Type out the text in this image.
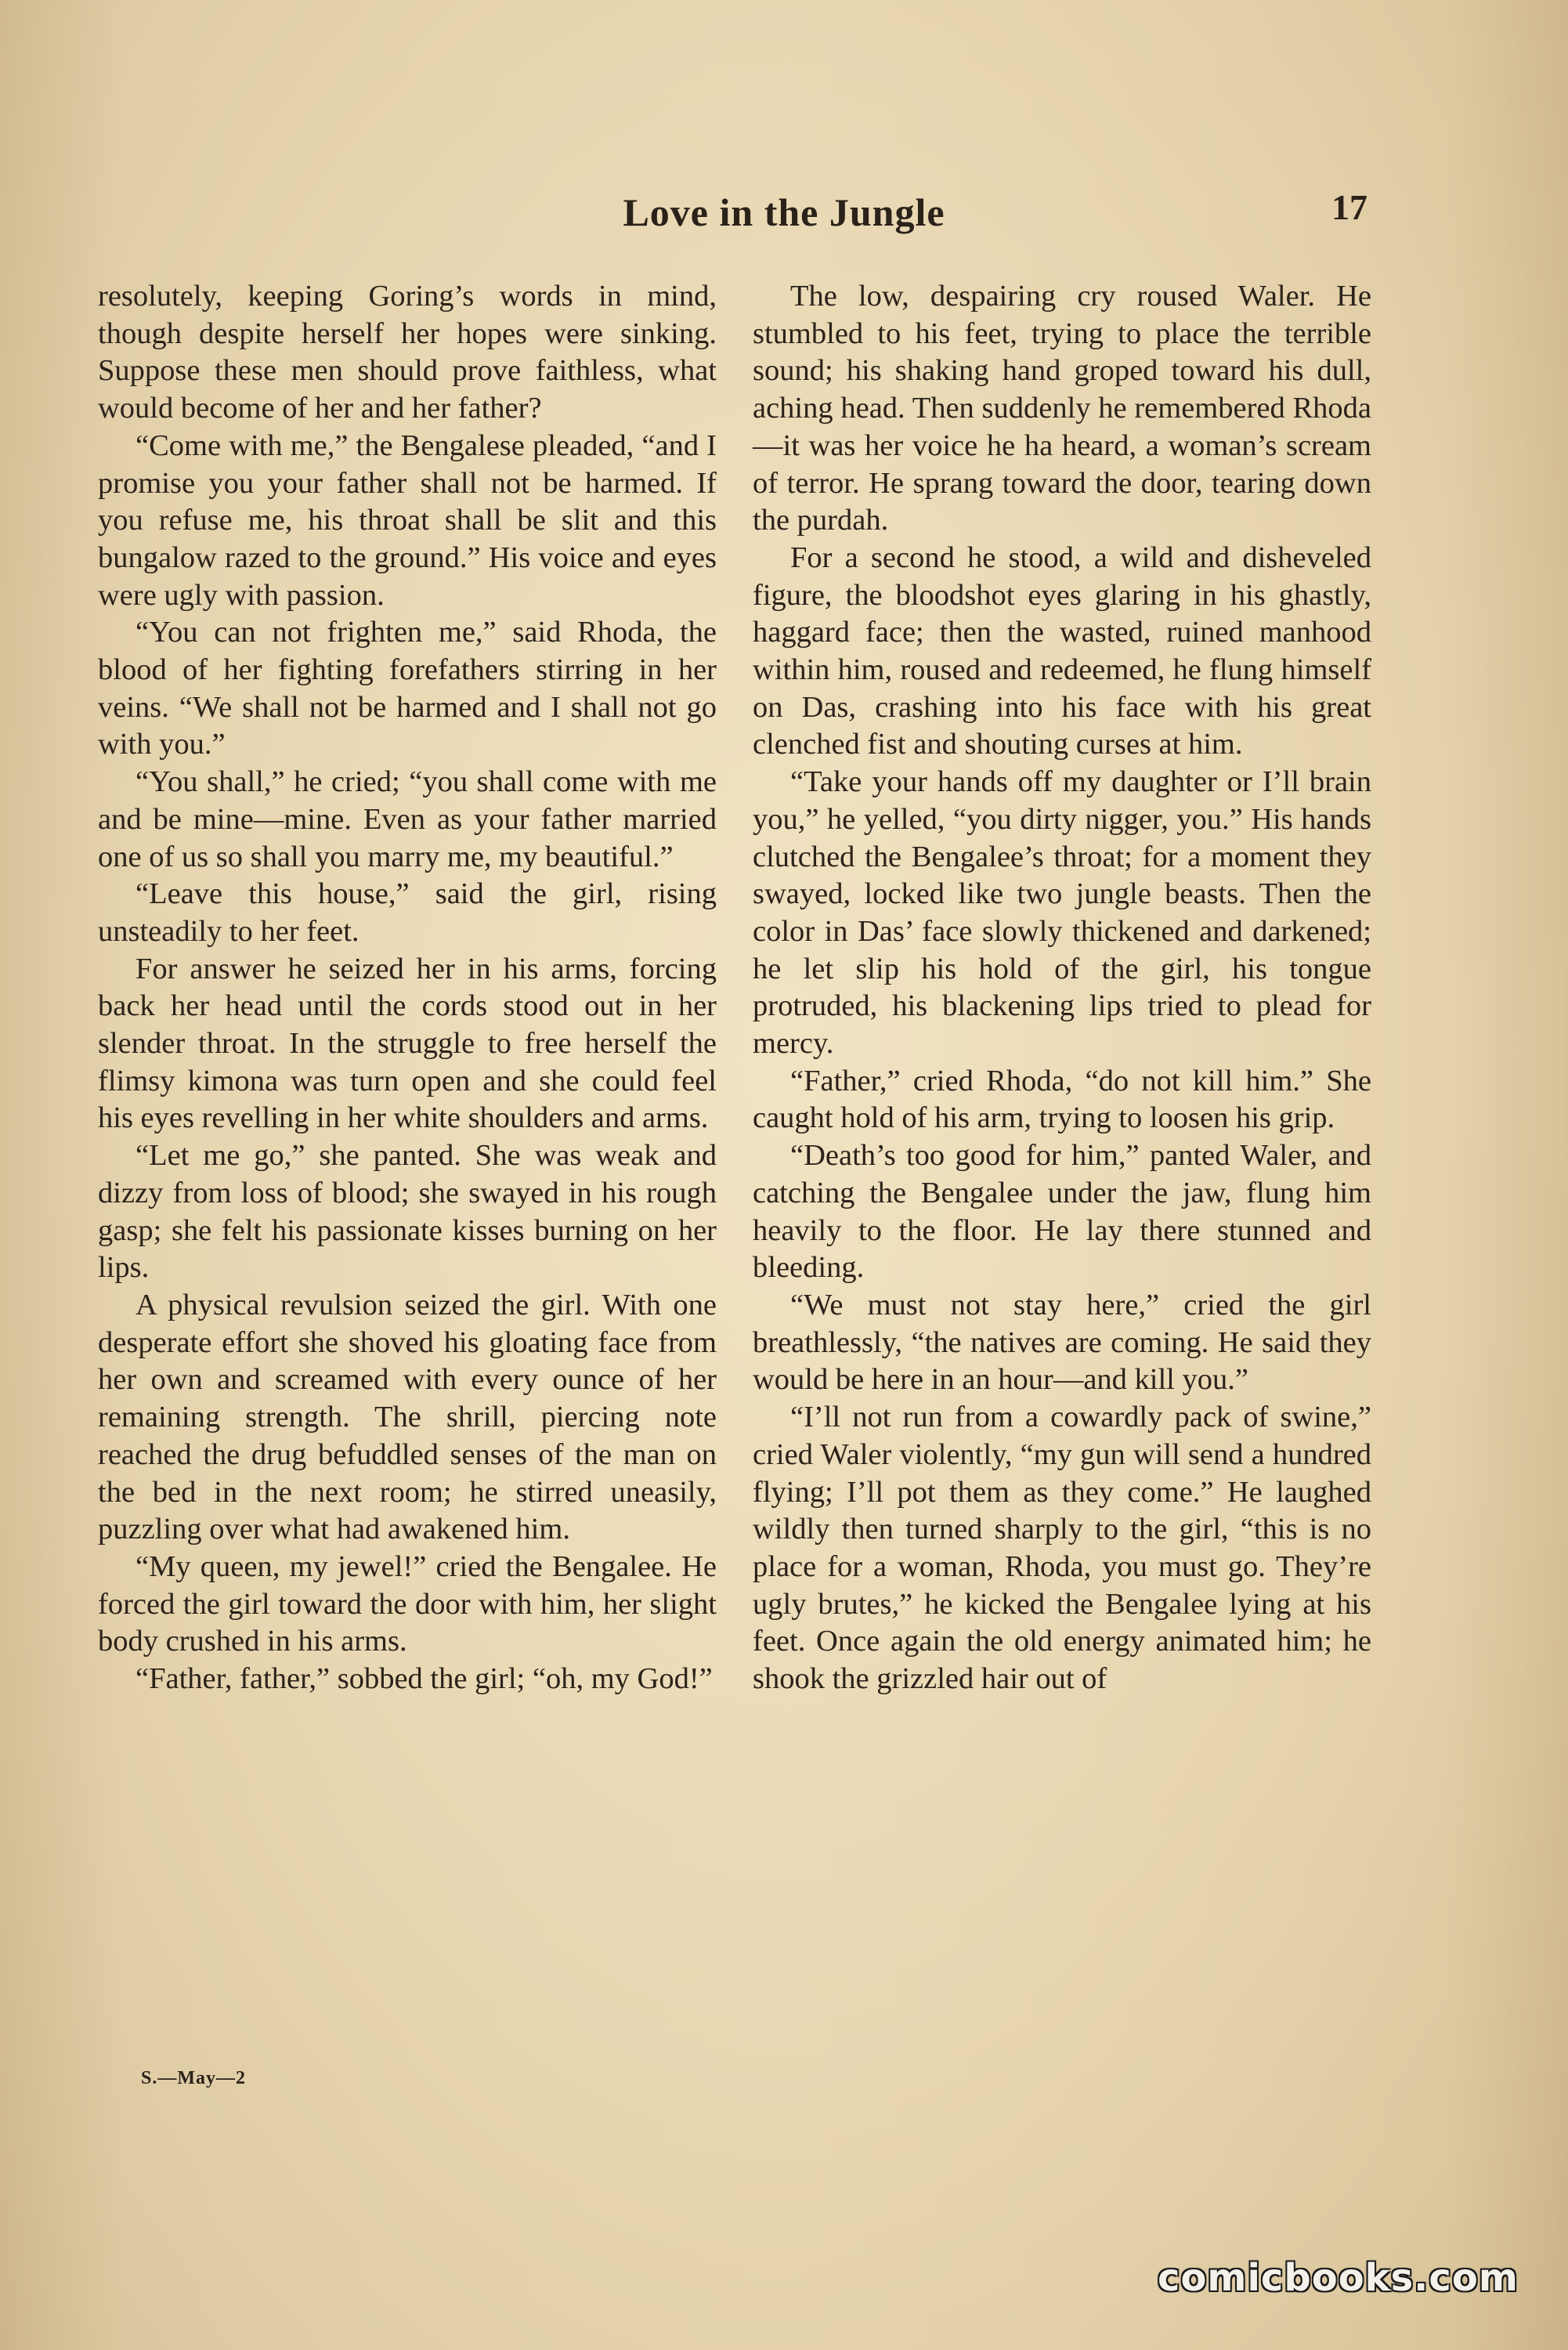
Love in the Jungle	17

resolutely, keeping Goring’s words in mind, though despite herself her hopes were sinking. Suppose these men should prove faithless, what would become of her and her father?

“Come with me,” the Bengalese pleaded, “and I promise you your father shall not be harmed. If you refuse me, his throat shall be slit and this bungalow razed to the ground.” His voice and eyes were ugly with passion.

“You can not frighten me,” said Rhoda, the blood of her fighting forefathers stirring in her veins. “We shall not be harmed and I shall not go with you.”

“You shall,” he cried; “you shall come with me and be mine—mine. Even as your father married one of us so shall you marry me, my beautiful.”

“Leave this house,” said the girl, rising unsteadily to her feet.

For answer he seized her in his arms, forcing back her head until the cords stood out in her slender throat. In the struggle to free herself the flimsy kimona was turn open and she could feel his eyes revelling in her white shoulders and arms.

“Let me go,” she panted. She was weak and dizzy from loss of blood; she swayed in his rough gasp; she felt his passionate kisses burning on her lips.

A physical revulsion seized the girl. With one desperate effort she shoved his gloating face from her own and screamed with every ounce of her remaining strength. The shrill, piercing note reached the drug befuddled senses of the man on the bed in the next room; he stirred uneasily, puzzling over what had awakened him.

“My queen, my jewel!” cried the Bengalee. He forced the girl toward the door with him, her slight body crushed in his arms.

“Father, father,” sobbed the girl; “oh, my God!”

The low, despairing cry roused Waler. He stumbled to his feet, trying to place the terrible sound; his shaking hand groped toward his dull, aching head. Then suddenly he remembered Rhoda—it was her voice he ha heard, a woman’s scream of terror. He sprang toward the door, tearing down the purdah.

For a second he stood, a wild and disheveled figure, the bloodshot eyes glaring in his ghastly, haggard face; then the wasted, ruined manhood within him, roused and redeemed, he flung himself on Das, crashing into his face with his great clenched fist and shouting curses at him.

“Take your hands off my daughter or I’ll brain you,” he yelled, “you dirty nigger, you.” His hands clutched the Bengalee’s throat; for a moment they swayed, locked like two jungle beasts. Then the color in Das’ face slowly thickened and darkened; he let slip his hold of the girl, his tongue protruded, his blackening lips tried to plead for mercy.

“Father,” cried Rhoda, “do not kill him.” She caught hold of his arm, trying to loosen his grip.

“Death’s too good for him,” panted Waler, and catching the Bengalee under the jaw, flung him heavily to the floor. He lay there stunned and bleeding.

“We must not stay here,” cried the girl breathlessly, “the natives are coming. He said they would be here in an hour—and kill you.”

“I’ll not run from a cowardly pack of swine,” cried Waler violently, “my gun will send a hundred flying; I’ll pot them as they come.” He laughed wildly then turned sharply to the girl, “this is no place for a woman, Rhoda, you must go. They’re ugly brutes,” he kicked the Bengalee lying at his feet. Once again the old energy animated him; he shook the grizzled hair out of

S.—May—2
comicbooks.com
